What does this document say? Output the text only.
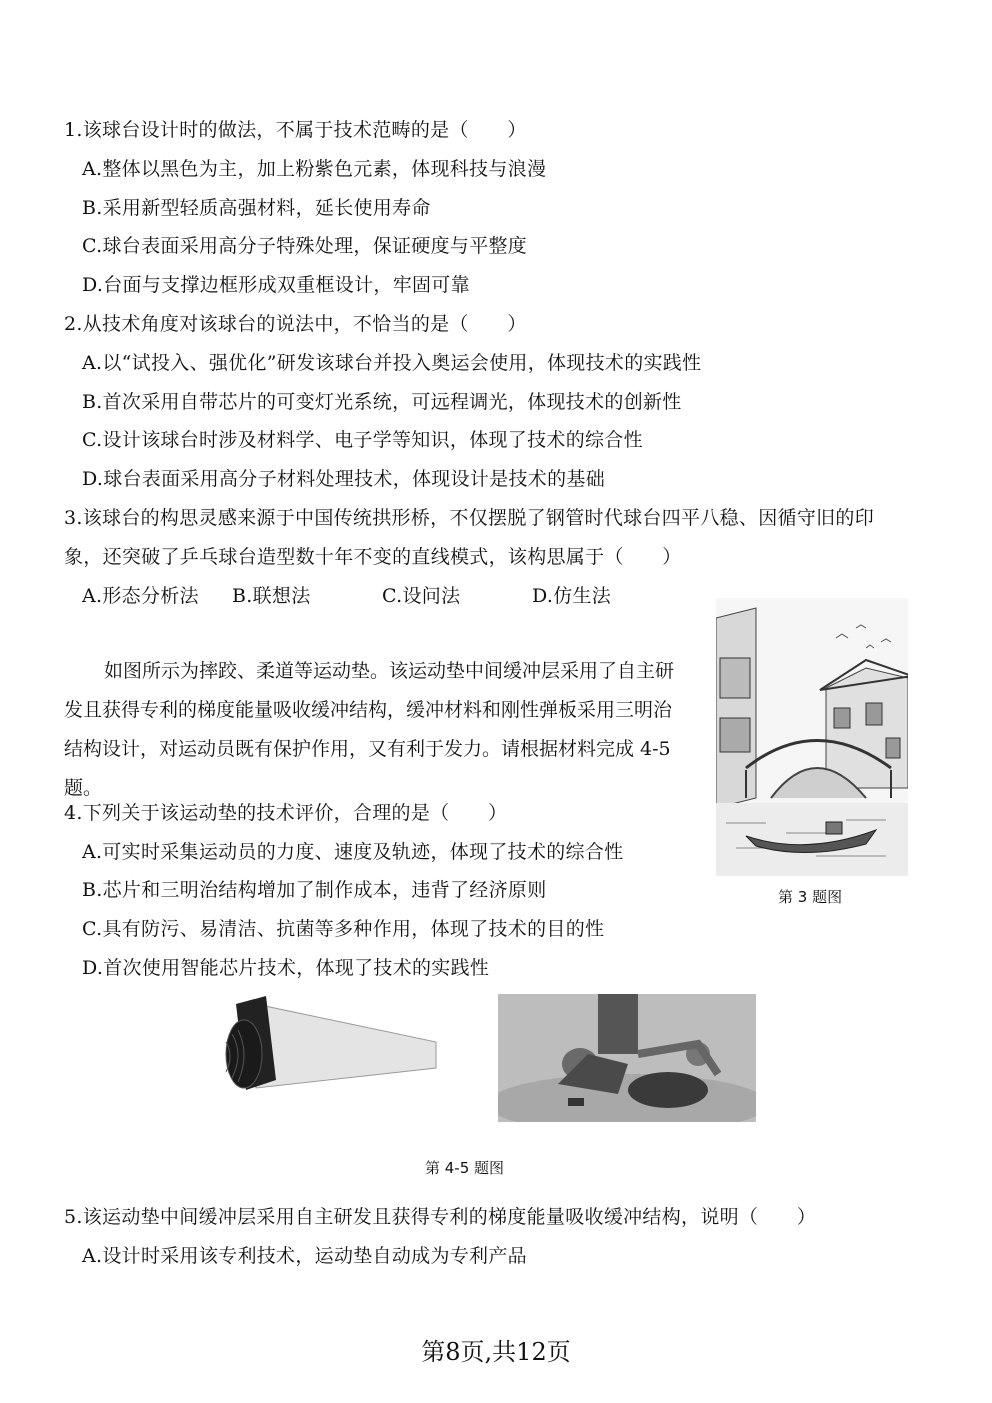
1.该球台设计时的做法，不属于技术范畴的是（　　）
A.整体以黑色为主，加上粉紫色元素，体现科技与浪漫
B.采用新型轻质高强材料，延长使用寿命
C.球台表面采用高分子特殊处理，保证硬度与平整度
D.台面与支撑边框形成双重框设计，牢固可靠
2.从技术角度对该球台的说法中，不恰当的是（　　）
A.以“试投入、强优化”研发该球台并投入奥运会使用，体现技术的实践性
B.首次采用自带芯片的可变灯光系统，可远程调光，体现技术的创新性
C.设计该球台时涉及材料学、电子学等知识，体现了技术的综合性
D.球台表面采用高分子材料处理技术，体现设计是技术的基础
3.该球台的构思灵感来源于中国传统拱形桥，不仅摆脱了钢管时代球台四平八稳、因循守旧的印
象，还突破了乒乓球台造型数十年不变的直线模式，该构思属于（　　）
A.形态分析法 B.联想法	C.设问法	D.仿生法
第 3 题图
如图所示为摔跤、柔道等运动垫。该运动垫中间缓冲层采用了自主研
发且获得专利的梯度能量吸收缓冲结构，缓冲材料和刚性弹板采用三明治
结构设计，对运动员既有保护作用，又有利于发力。请根据材料完成 4-5
题。
4.下列关于该运动垫的技术评价，合理的是（　　）
A.可实时采集运动员的力度、速度及轨迹，体现了技术的综合性
B.芯片和三明治结构增加了制作成本，违背了经济原则
C.具有防污、易清洁、抗菌等多种作用，体现了技术的目的性
D.首次使用智能芯片技术，体现了技术的实践性
第 4-5 题图
5.该运动垫中间缓冲层采用自主研发且获得专利的梯度能量吸收缓冲结构，说明（　　）
A.设计时采用该专利技术，运动垫自动成为专利产品
第8页,共12页
